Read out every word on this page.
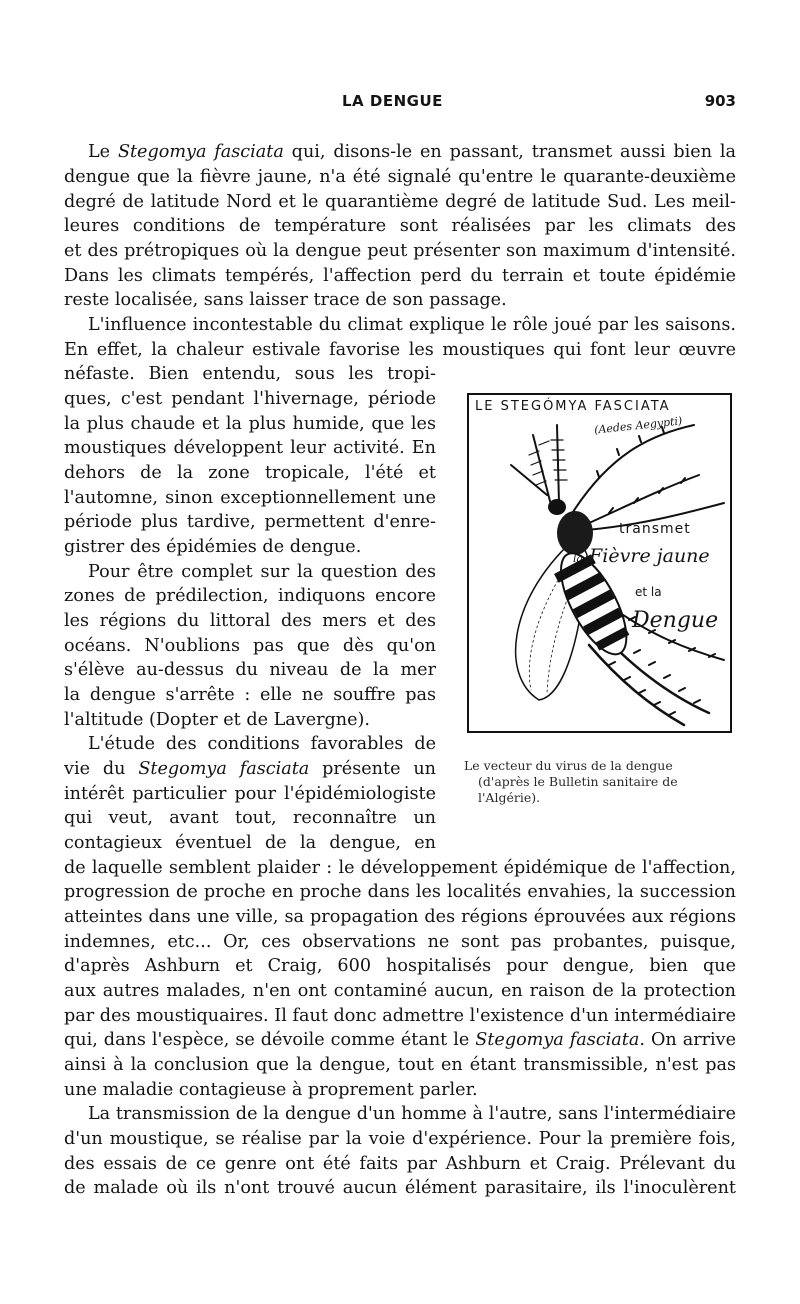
LA DENGUE	903
Le Stegomya fasciata qui, disons-le en passant, transmet aussi bien la
dengue que la fièvre jaune, n'a été signalé qu'entre le quarante-deuxième
degré de latitude Nord et le quarantième degré de latitude Sud. Les meil-
leures conditions de température sont réalisées par les climats des
et des prétropiques où la dengue peut présenter son maximum d'intensité.
Dans les climats tempérés, l'affection perd du terrain et toute épidémie
reste localisée, sans laisser trace de son passage.
L'influence incontestable du climat explique le rôle joué par les saisons.
En effet, la chaleur estivale favorise les moustiques qui font leur œuvre
néfaste. Bien entendu, sous les tropi-
ques, c'est pendant l'hivernage, période
la plus chaude et la plus humide, que les
moustiques développent leur activité. En
dehors de la zone tropicale, l'été et
l'automne, sinon exceptionnellement une
période plus tardive, permettent d'enre-
gistrer des épidémies de dengue.
Pour être complet sur la question des
zones de prédilection, indiquons encore
les régions du littoral des mers et des
océans. N'oublions pas que dès qu'on
s'élève au-dessus du niveau de la mer
la dengue s'arrête : elle ne souffre pas
l'altitude (Dopter et de Lavergne).
L'étude des conditions favorables de
vie du Stegomya fasciata présente un
intérêt particulier pour l'épidémiologiste
qui veut, avant tout, reconnaître un
contagieux éventuel de la dengue, en
de laquelle semblent plaider : le développement épidémique de l'affection,
progression de proche en proche dans les localités envahies, la succession
atteintes dans une ville, sa propagation des régions éprouvées aux régions
indemnes, etc... Or, ces observations ne sont pas probantes, puisque,
d'après Ashburn et Craig, 600 hospitalisés pour dengue, bien que
aux autres malades, n'en ont contaminé aucun, en raison de la protection
par des moustiquaires. Il faut donc admettre l'existence d'un intermédiaire
qui, dans l'espèce, se dévoile comme étant le Stegomya fasciata. On arrive
ainsi à la conclusion que la dengue, tout en étant transmissible, n'est pas
une maladie contagieuse à proprement parler.
La transmission de la dengue d'un homme à l'autre, sans l'intermédiaire
d'un moustique, se réalise par la voie d'expérience. Pour la première fois,
des essais de ce genre ont été faits par Ashburn et Craig. Prélevant du
de malade où ils n'ont trouvé aucun élément parasitaire, ils l'inoculèrent
LE STEGÓMYA FASCIATA
(Aedes Aegypti)
transmet
la Fièvre jaune
et la
Dengue
Le vecteur du virus de la dengue
(d'après le Bulletin sanitaire de
l'Algérie).
